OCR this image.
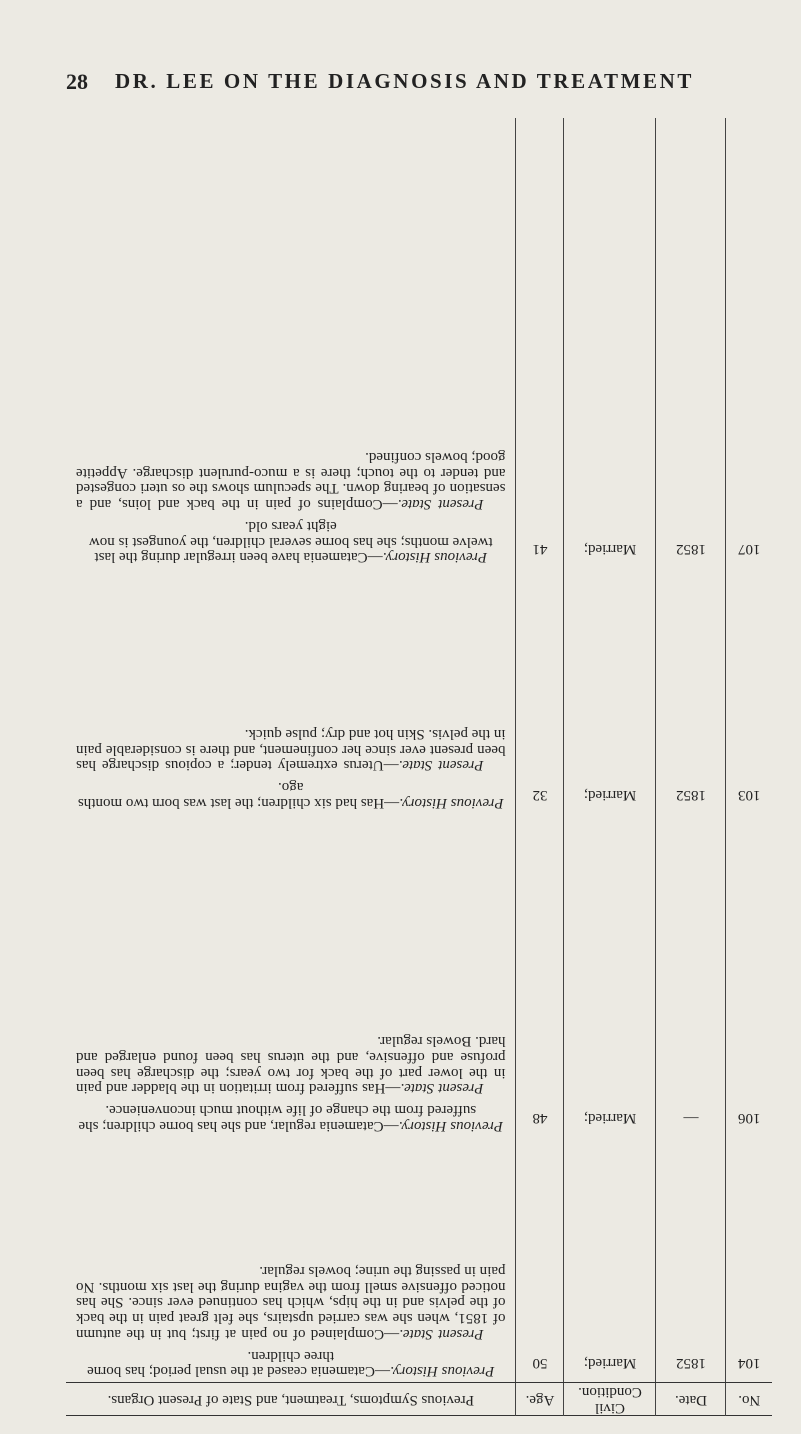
28 DR. LEE ON THE DIAGNOSIS AND TREATMENT
No.	Date.	Civil Condition.	Age.	Previous Symptoms, Treatment, and State of Present Organs.
104	1852	Married;	50	Previous History.—Catamenia ceased at the usual period; has borne three children.
Present State.—Complained of no pain at first; but in the autumn of 1851, when she was carried upstairs, she felt great pain in the back of the pelvis and in the hips, which has continued ever since. She has noticed offensive smell from the vagina during the last six months. No pain in passing the urine; bowels regular.

106	—	Married;	48	Previous History.—Catamenia regular, and she has borne children; she suffered from the change of life without much inconvenience.
Present State.—Has suffered from irritation in the bladder and pain in the lower part of the back for two years; the discharge has been profuse and offensive, and the uterus has been found enlarged and hard. Bowels regular.

103	1852	Married;	32	Previous History.—Has had six children; the last was born two months ago.
Present State.—Uterus extremely tender; a copious discharge has been present ever since her confinement, and there is considerable pain in the pelvis. Skin hot and dry; pulse quick.

107	1852	Married;	41	Previous History.—Catamenia have been irregular during the last twelve months; she has borne several children, the youngest is now eight years old.
Present State.—Complains of pain in the back and loins, and a sensation of bearing down. The speculum shows the os uteri congested and tender to the touch; there is a muco-purulent discharge. Appetite good; bowels confined.
